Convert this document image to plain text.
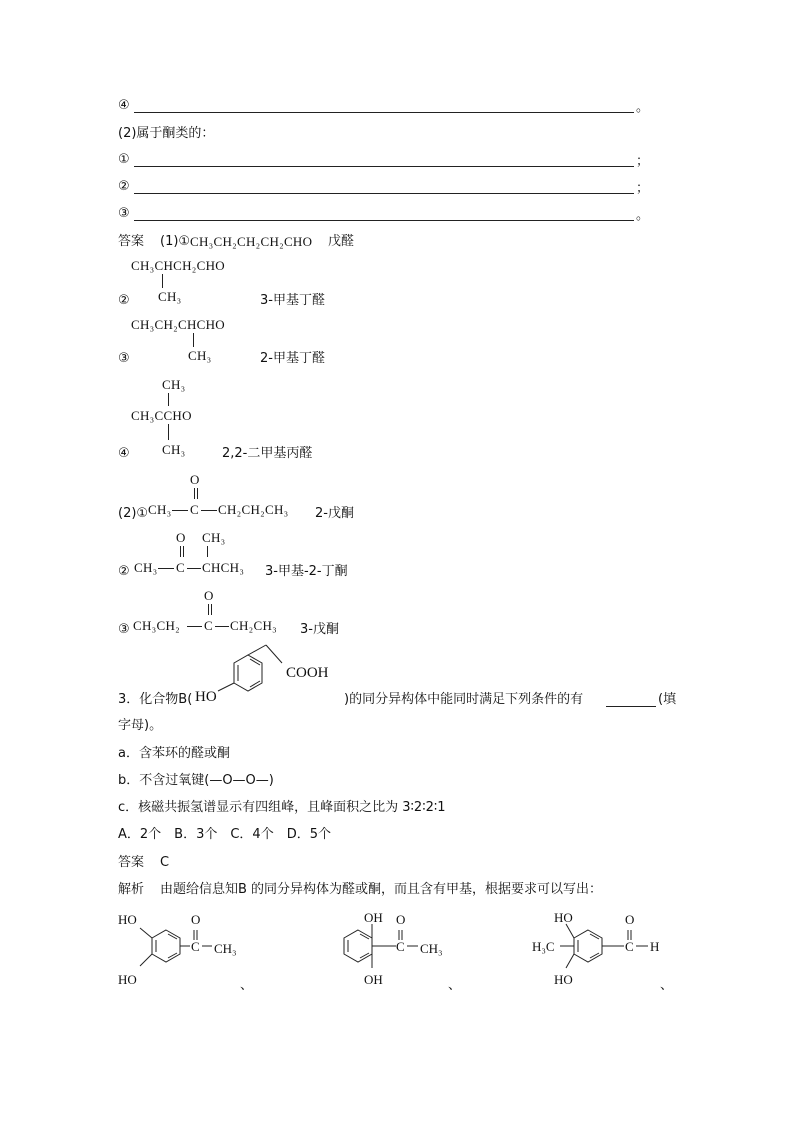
④	。
(2)属于酮类的：
①	；
②	；
③	。
答案 (1)① CH₃CH₂CH₂CH₂CHO 戊醛
CH₃CHCH₂CHO
CH₃
②	3-甲基丁醛
CH₃CH₂CHCHO
CH₃
③	2-甲基丁醛
CH₃
CH₃CCHO
CH₃
④	2,2-二甲基丙醛
O
(2)① CH₃ C CH₂CH₂CH₃ 2-戊酮
O CH₃
② CH₃ C CHCH₃ 3-甲基-2-丁酮
O
③ CH₃CH₂ C CH₂CH₃ 3-戊酮
COOH
HO
3．化合物B(	)的同分异构体中能同时满足下列条件的有	(填
字母)。
a．含苯环的醛或酮
b．不含过氧键(—O—O—)
c．核磁共振氢谱显示有四组峰，且峰面积之比为 3∶2∶2∶1
A．2个　B．3个　C．4个　D．5个
答案 C
解析 由题给信息知B 的同分异构体为醛或酮，而且含有甲基，根据要求可以写出：
HO
HO
O
C CH₃
、
OH
OH
O
C CH₃
、
HO
HO
H₃C
O
C H
、
